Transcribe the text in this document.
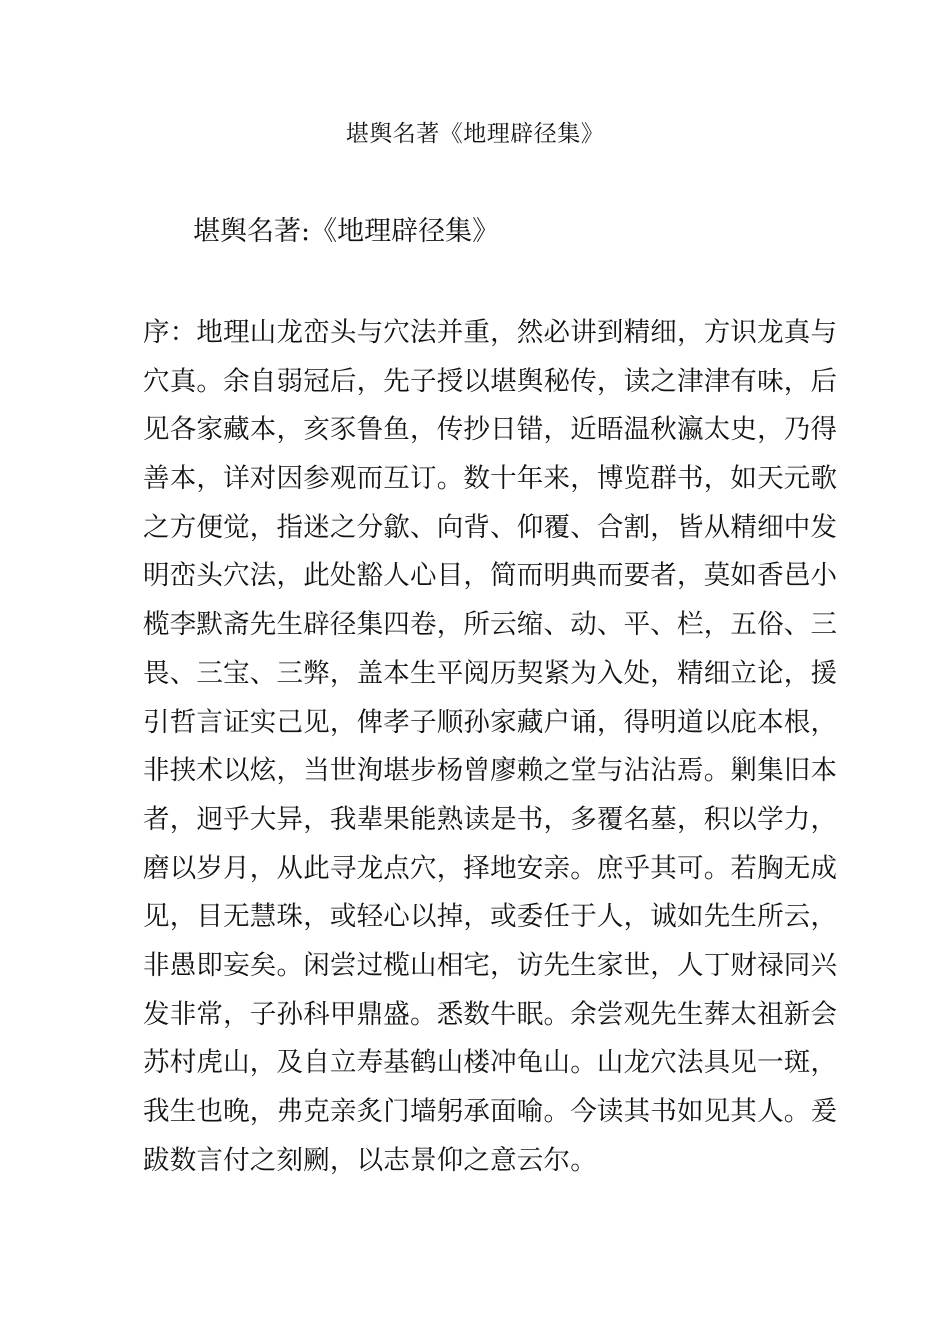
堪舆名著《地理辟径集》
堪舆名著:《地理辟径集》
序：地理山龙峦头与穴法并重，然必讲到精细，方识龙真与
穴真。余自弱冠后，先子授以堪舆秘传，读之津津有味，后
见各家藏本，亥豕鲁鱼，传抄日错，近晤温秋瀛太史，乃得
善本，详对因参观而互订。数十年来，博览群书，如天元歌
之方便觉，指迷之分歙、向背、仰覆、合割，皆从精细中发
明峦头穴法，此处豁人心目，简而明典而要者，莫如香邑小
榄李默斋先生辟径集四卷，所云缩、动、平、栏，五俗、三
畏、三宝、三弊，盖本生平阅历契紧为入处，精细立论，援
引哲言证实己见，俾孝子顺孙家藏户诵，得明道以庇本根，
非挟术以炫，当世洵堪步杨曾廖赖之堂与沾沾焉。剿集旧本
者，迥乎大异，我辈果能熟读是书，多覆名墓，积以学力，
磨以岁月，从此寻龙点穴，择地安亲。庶乎其可。若胸无成
见，目无慧珠，或轻心以掉，或委任于人，诚如先生所云，
非愚即妄矣。闲尝过榄山相宅，访先生家世，人丁财禄同兴
发非常，子孙科甲鼎盛。悉数牛眠。余尝观先生葬太祖新会
苏村虎山，及自立寿基鹤山楼冲龟山。山龙穴法具见一斑，
我生也晚，弗克亲炙门墙躬承面喻。今读其书如见其人。爰
跋数言付之刻劂，以志景仰之意云尔。
